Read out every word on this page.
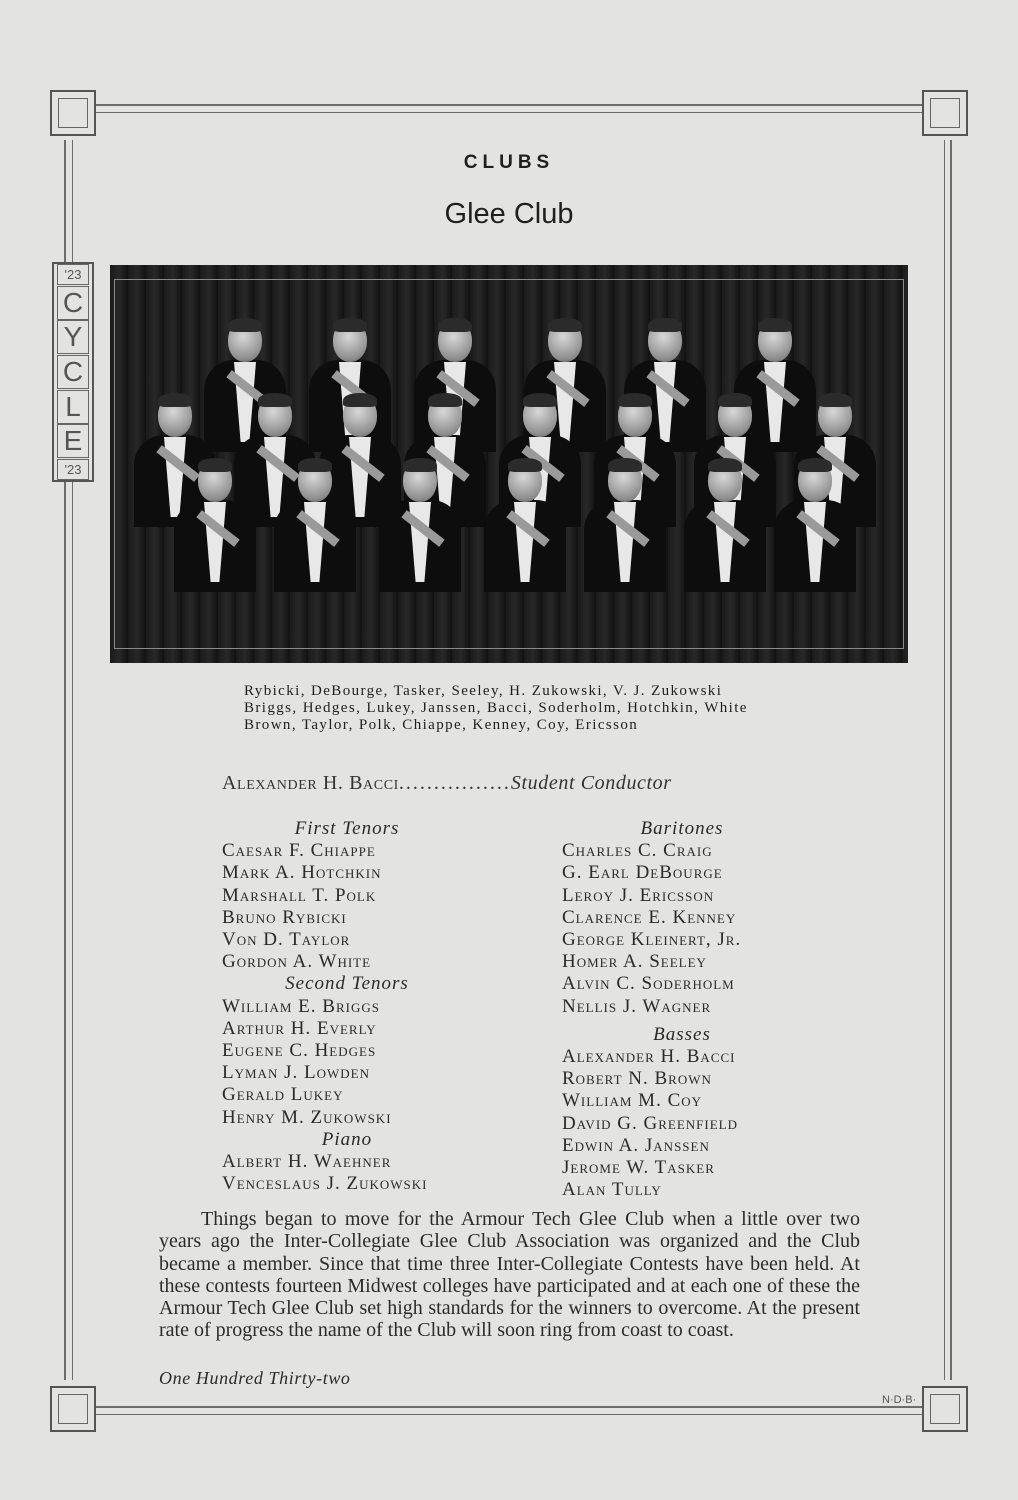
'23
C
Y
C
L
E
'23
CLUBS
Glee Club
Rybicki, DeBourge, Tasker, Seeley, H. Zukowski, V. J. Zukowski
Briggs, Hedges, Lukey, Janssen, Bacci, Soderholm, Hotchkin, White
Brown, Taylor, Polk, Chiappe, Kenney, Coy, Ericsson
Alexander H. Bacci................Student Conductor
First Tenors
Caesar F. Chiappe
Mark A. Hotchkin
Marshall T. Polk
Bruno Rybicki
Von D. Taylor
Gordon A. White
Second Tenors
William E. Briggs
Arthur H. Everly
Eugene C. Hedges
Lyman J. Lowden
Gerald Lukey
Henry M. Zukowski
Piano
Albert H. Waehner
Venceslaus J. Zukowski
Baritones
Charles C. Craig
G. Earl DeBourge
Leroy J. Ericsson
Clarence E. Kenney
George Kleinert, Jr.
Homer A. Seeley
Alvin C. Soderholm
Nellis J. Wagner
Basses
Alexander H. Bacci
Robert N. Brown
William M. Coy
David G. Greenfield
Edwin A. Janssen
Jerome W. Tasker
Alan Tully
Things began to move for the Armour Tech Glee Club when a little over two years ago the Inter-Collegiate Glee Club Association was organized and the Club became a member. Since that time three Inter-Collegiate Contests have been held. At these contests fourteen Midwest colleges have participated and at each one of these the Armour Tech Glee Club set high standards for the winners to overcome. At the present rate of progress the name of the Club will soon ring from coast to coast.
One Hundred Thirty-two
N·D·B·
